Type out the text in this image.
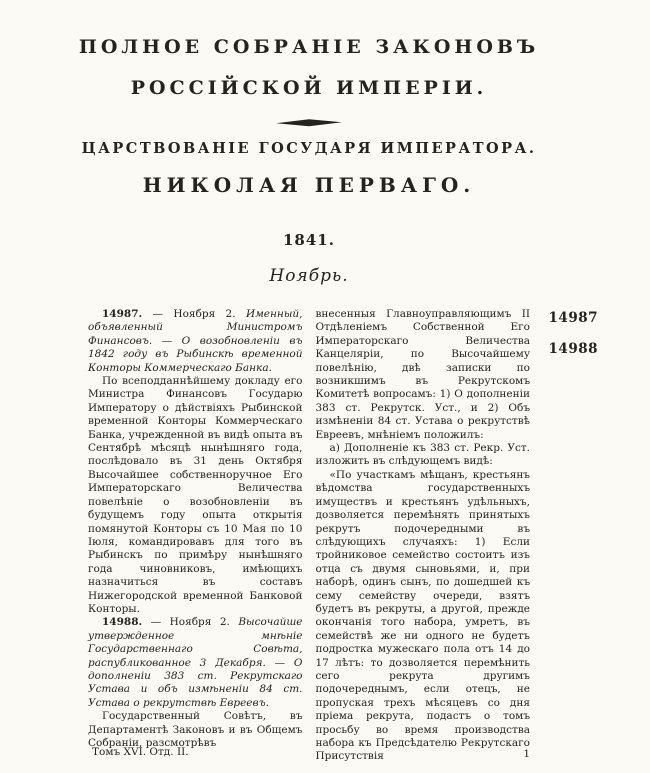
ПОЛНОЕ СОБРАНІЕ ЗАКОНОВЪ
РОССІЙСКОЙ ИМПЕРІИ.
ЦАРСТВОВАНІЕ ГОСУДАРЯ ИМПЕРАТОРА.
НИКОЛАЯ ПЕРВАГО.
1841.
Ноябрь.

14987. — Ноября 2. Именный, объявленный Министромъ Финансовъ. — О возобновленіи въ 1842 году въ Рыбинскѣ временной Конторы Коммерческаго Банка.

По всеподданнѣйшему докладу его Министра Финансовъ Государю Императору о дѣйствіяхъ Рыбинской временной Конторы Коммерческаго Банка, учрежденной въ видѣ опыта въ Сентябрѣ мѣсяцѣ нынѣшняго года, послѣдовало въ 31 день Октября Высочайшее собственноручное Его Императорскаго Величества повелѣніе о возобновленіи въ будущемъ году опыта открытія помянутой Конторы съ 10 Мая по 10 Іюля, командировавъ для того въ Рыбинскъ по примѣру нынѣшняго года чиновниковъ, имѣющихъ назначиться въ составъ Нижегородской временной Банковой Конторы.

14988. — Ноября 2. Высочайше утвержденное мнѣніе Государственнаго Совѣта, распубликованное 3 Декабря. — О дополненіи 383 ст. Рекрутскаго Устава и объ измѣненіи 84 ст. Устава о рекрутствѣ Евреевъ.

Государственный Совѣтъ, въ Департаментѣ Законовъ и въ Общемъ Собраніи, разсмотрѣвъ

внесенныя Главноуправляющимъ II Отдѣленіемъ Собственной Его Императорскаго Величества Канцеляріи, по Высочайшему повелѣнію, двѣ записки по возникшимъ въ Рекрутскомъ Комитетѣ вопросамъ: 1) О дополненіи 383 ст. Рекрутск. Уст., и 2) Объ измѣненіи 84 ст. Устава о рекрутствѣ Евреевъ, мнѣніемъ положилъ:

а) Дополненіе къ 383 ст. Рекр. Уст. изложить въ слѣдующемъ видѣ:

«По участкамъ мѣщанъ, крестьянъ вѣдомства государственныхъ имуществъ и крестьянъ удѣльныхъ, дозволяется перемѣнять принятыхъ рекрутъ подочередными въ слѣдующихъ случаяхъ: 1) Если тройниковое семейство состоитъ изъ отца съ двумя сыновьями, и, при наборѣ, одинъ сынъ, по дошедшей къ сему семейству очереди, взятъ будетъ въ рекруты, а другой, прежде окончанія того набора, умретъ, въ семействѣ же ни одного не будетъ подростка мужескаго пола отъ 14 до 17 лѣтъ: то дозволяется перемѣнить сего рекрута другимъ подочереднымъ, если отецъ, не пропуская трехъ мѣсяцевъ со дня пріема рекрута, подастъ о томъ просьбу во время производства набора къ Предсѣдателю Рекрутскаго Присутствія

14987
14988
Томъ XVI. Отд. II.	1
